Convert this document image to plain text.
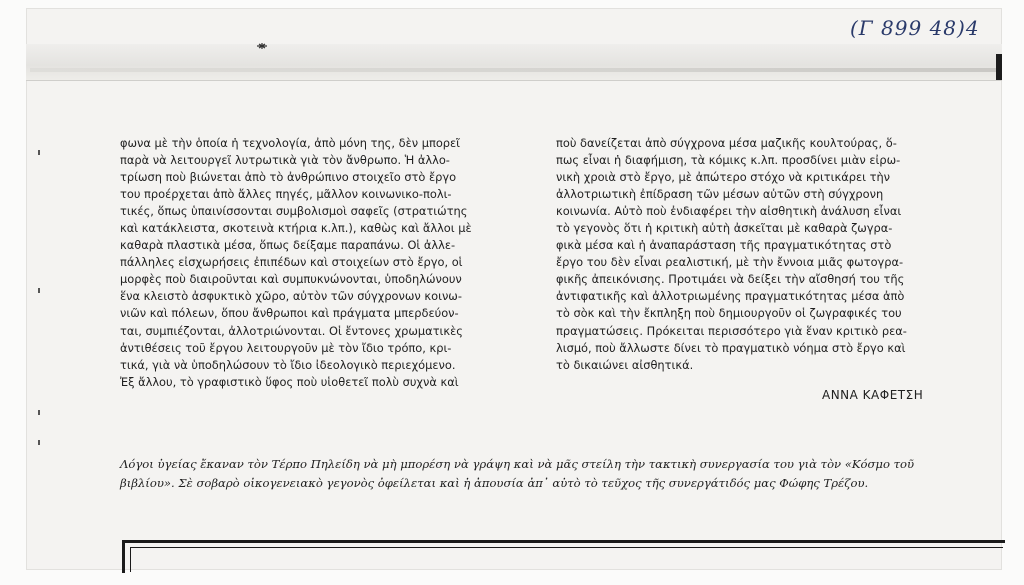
(Γ 899 48)4

φωνα μὲ τὴν ὁποία ἡ τεχνολογία, ἀπὸ μόνη της, δὲν μπορεῖ

παρὰ νὰ λειτουργεῖ λυτρωτικὰ γιὰ τὸν ἄνθρωπο. Ἡ ἀλλο-

τρίωση ποὺ βιώνεται ἀπὸ τὸ ἀνθρώπινο στοιχεῖο στὸ ἔργο

του προέρχεται ἀπὸ ἄλλες πηγές, μᾶλλον κοινωνικο-πολι-

τικές, ὅπως ὑπαινίσσονται συμβολισμοὶ σαφεῖς (στρατιώτης

καὶ κατάκλειστα, σκοτεινὰ κτήρια κ.λπ.), καθὼς καὶ ἄλλοι μὲ

καθαρὰ πλαστικὰ μέσα, ὅπως δείξαμε παραπάνω. Οἱ ἀλλε-

πάλληλες εἰσχωρήσεις ἐπιπέδων καὶ στοιχείων στὸ ἔργο, οἱ

μορφὲς ποὺ διαιροῦνται καὶ συμπυκνώνονται, ὑποδηλώνουν

ἕνα κλειστὸ ἀσφυκτικὸ χῶρο, αὐτὸν τῶν σύγχρονων κοινω-

νιῶν καὶ πόλεων, ὅπου ἄνθρωποι καὶ πράγματα μπερδεύον-

ται, συμπιέζονται, ἀλλοτριώνονται. Οἱ ἔντονες χρωματικὲς

ἀντιθέσεις τοῦ ἔργου λειτουργοῦν μὲ τὸν ἴδιο τρόπο, κρι-

τικά, γιὰ νὰ ὑποδηλώσουν τὸ ἴδιο ἰδεολογικὸ περιεχόμενο.

Ἐξ ἄλλου, τὸ γραφιστικὸ ὕφος ποὺ υἱοθετεῖ πολὺ συχνὰ καὶ

ποὺ δανείζεται ἀπὸ σύγχρονα μέσα μαζικῆς κουλτούρας, ὅ-

πως εἶναι ἡ διαφήμιση, τὰ κόμικς κ.λπ. προσδίνει μιὰν εἰρω-

νικὴ χροιὰ στὸ ἔργο, μὲ ἀπώτερο στόχο νὰ κριτικάρει τὴν

ἀλλοτριωτικὴ ἐπίδραση τῶν μέσων αὐτῶν στὴ σύγχρονη

κοινωνία. Αὐτὸ ποὺ ἐνδιαφέρει τὴν αἰσθητικὴ ἀνάλυση εἶναι

τὸ γεγονὸς ὅτι ἡ κριτικὴ αὐτὴ ἀσκεῖται μὲ καθαρὰ ζωγρα-

φικὰ μέσα καὶ ἡ ἀναπαράσταση τῆς πραγματικότητας στὸ

ἔργο του δὲν εἶναι ρεαλιστική, μὲ τὴν ἔννοια μιᾶς φωτογρα-

φικῆς ἀπεικόνισης. Προτιμάει νὰ δείξει τὴν αἴσθησή του τῆς

ἀντιφατικῆς καὶ ἀλλοτριωμένης πραγματικότητας μέσα ἀπὸ

τὸ σὸκ καὶ τὴν ἔκπληξη ποὺ δημιουργοῦν οἱ ζωγραφικές του

πραγματώσεις. Πρόκειται περισσότερο γιὰ ἕναν κριτικὸ ρεα-

λισμό, ποὺ ἄλλωστε δίνει τὸ πραγματικὸ νόημα στὸ ἔργο καὶ

τὸ δικαιώνει αἰσθητικά.

ΑΝΝΑ ΚΑΦΕΤΣΗ

Λόγοι ὑγείας ἔκαναν τὸν Τέρπο Πηλείδη νὰ μὴ μπορέση νὰ γράψη καὶ νὰ μᾶς στείλη τὴν τακτικὴ συνεργασία του γιὰ τὸν «Κόσμο τοῦ

βιβλίου». Σὲ σοβαρὸ οἰκογενειακὸ γεγονὸς ὀφείλεται καὶ ἡ ἀπουσία ἀπ᾽ αὐτὸ τὸ τεῦχος τῆς συνεργάτιδός μας Φώφης Τρέζου.
